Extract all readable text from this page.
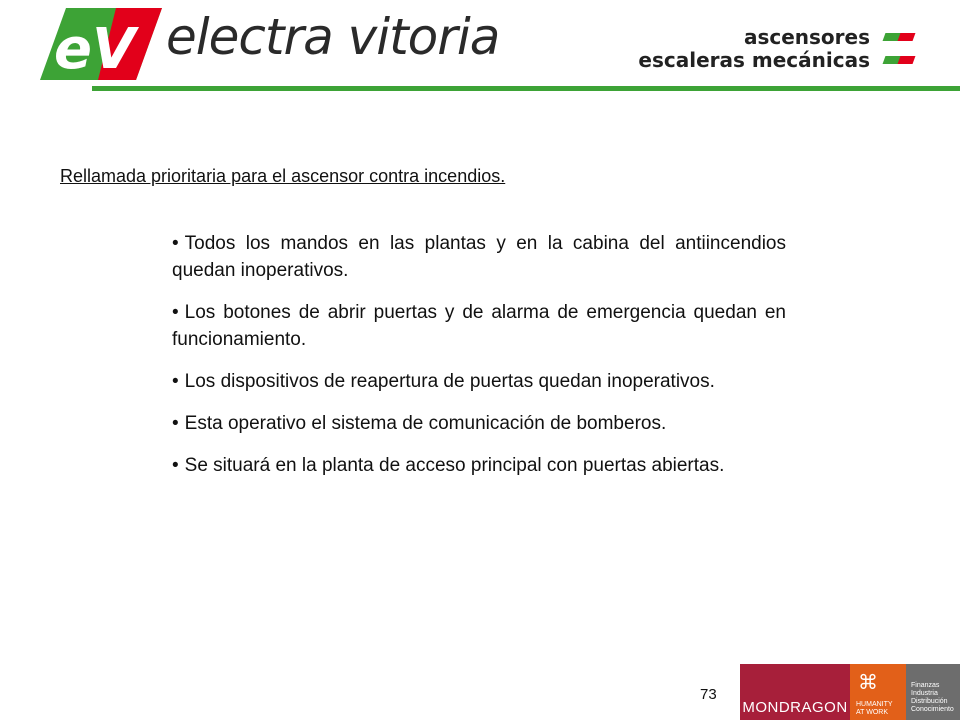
eV electra vitoria	ascensores
escaleras mecánicas
Rellamada prioritaria para el ascensor contra incendios.
• Todos los mandos en las plantas y en la cabina del antiincendios quedan inoperativos.
• Los botones de abrir puertas y de alarma de emergencia quedan en funcionamiento.
• Los dispositivos de reapertura de puertas quedan inoperativos.
• Esta operativo el sistema de comunicación de bomberos.
• Se situará en la planta de acceso principal con puertas abiertas.
73
MONDRAGON
⌘
HUMANITY
AT WORK
Finanzas
Industria
Distribución
Conocimiento
